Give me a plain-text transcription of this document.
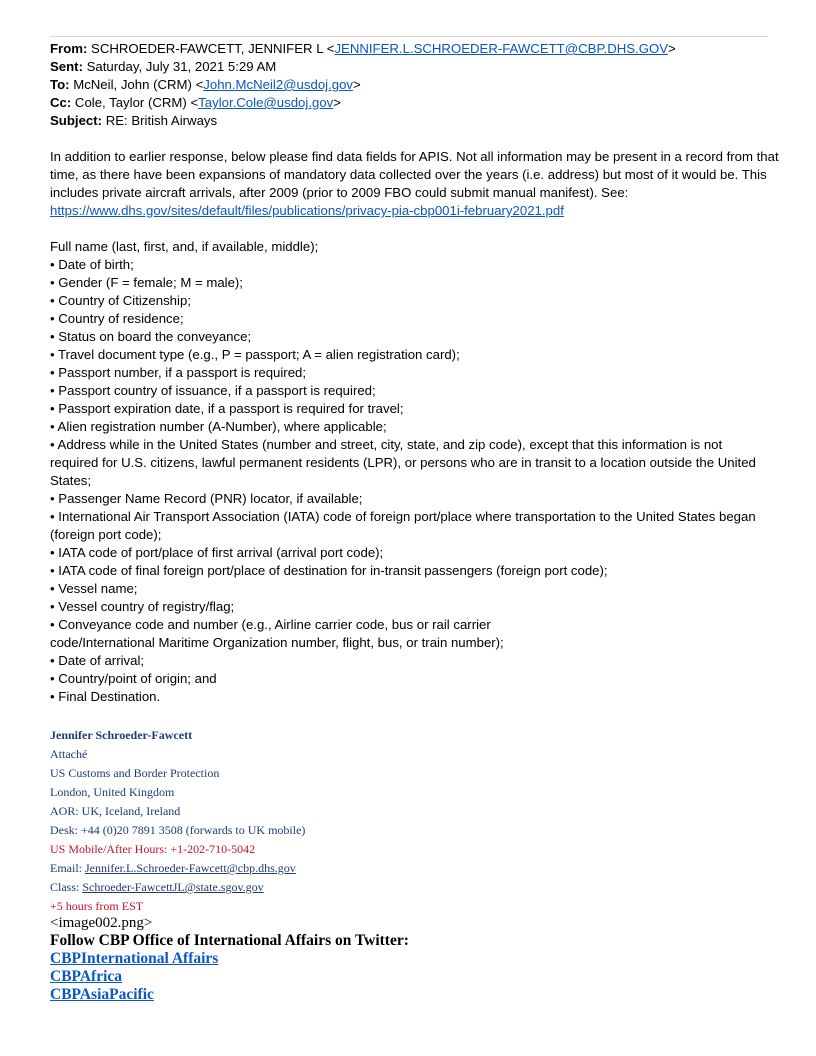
From: SCHROEDER-FAWCETT, JENNIFER L <JENNIFER.L.SCHROEDER-FAWCETT@CBP.DHS.GOV>
Sent: Saturday, July 31, 2021 5:29 AM
To: McNeil, John (CRM) <John.McNeil2@usdoj.gov>
Cc: Cole, Taylor (CRM) <Taylor.Cole@usdoj.gov>
Subject: RE: British Airways

In addition to earlier response, below please find data fields for APIS. Not all information may be present in a record from that time, as there have been expansions of mandatory data collected over the years (i.e. address) but most of it would be. This includes private aircraft arrivals, after 2009 (prior to 2009 FBO could submit manual manifest). See:

https://www.dhs.gov/sites/default/files/publications/privacy-pia-cbp001i-february2021.pdf
Full name (last, first, and, if available, middle);
• Date of birth;
• Gender (F = female; M = male);
• Country of Citizenship;
• Country of residence;
• Status on board the conveyance;
• Travel document type (e.g., P = passport; A = alien registration card);
• Passport number, if a passport is required;
• Passport country of issuance, if a passport is required;
• Passport expiration date, if a passport is required for travel;
• Alien registration number (A-Number), where applicable;
• Address while in the United States (number and street, city, state, and zip code), except that this information is not required for U.S. citizens, lawful permanent residents (LPR), or persons who are in transit to a location outside the United States;
• Passenger Name Record (PNR) locator, if available;
• International Air Transport Association (IATA) code of foreign port/place where transportation to the United States began (foreign port code);
• IATA code of port/place of first arrival (arrival port code);
• IATA code of final foreign port/place of destination for in-transit passengers (foreign port code);
• Vessel name;
• Vessel country of registry/flag;
• Conveyance code and number (e.g., Airline carrier code, bus or rail carrier
code/International Maritime Organization number, flight, bus, or train number);
• Date of arrival;
• Country/point of origin; and
• Final Destination.
Jennifer Schroeder-Fawcett
Attaché
US Customs and Border Protection
London, United Kingdom
AOR: UK, Iceland, Ireland
Desk: +44 (0)20 7891 3508 (forwards to UK mobile)
US Mobile/After Hours: +1-202-710-5042
Email: Jennifer.L.Schroeder-Fawcett@cbp.dhs.gov
Class: Schroeder-FawcettJL@state.sgov.gov
+5 hours from EST
<image002.png>
Follow CBP Office of International Affairs on Twitter:
CBPInternational Affairs
CBPAfrica
CBPAsiaPacific
